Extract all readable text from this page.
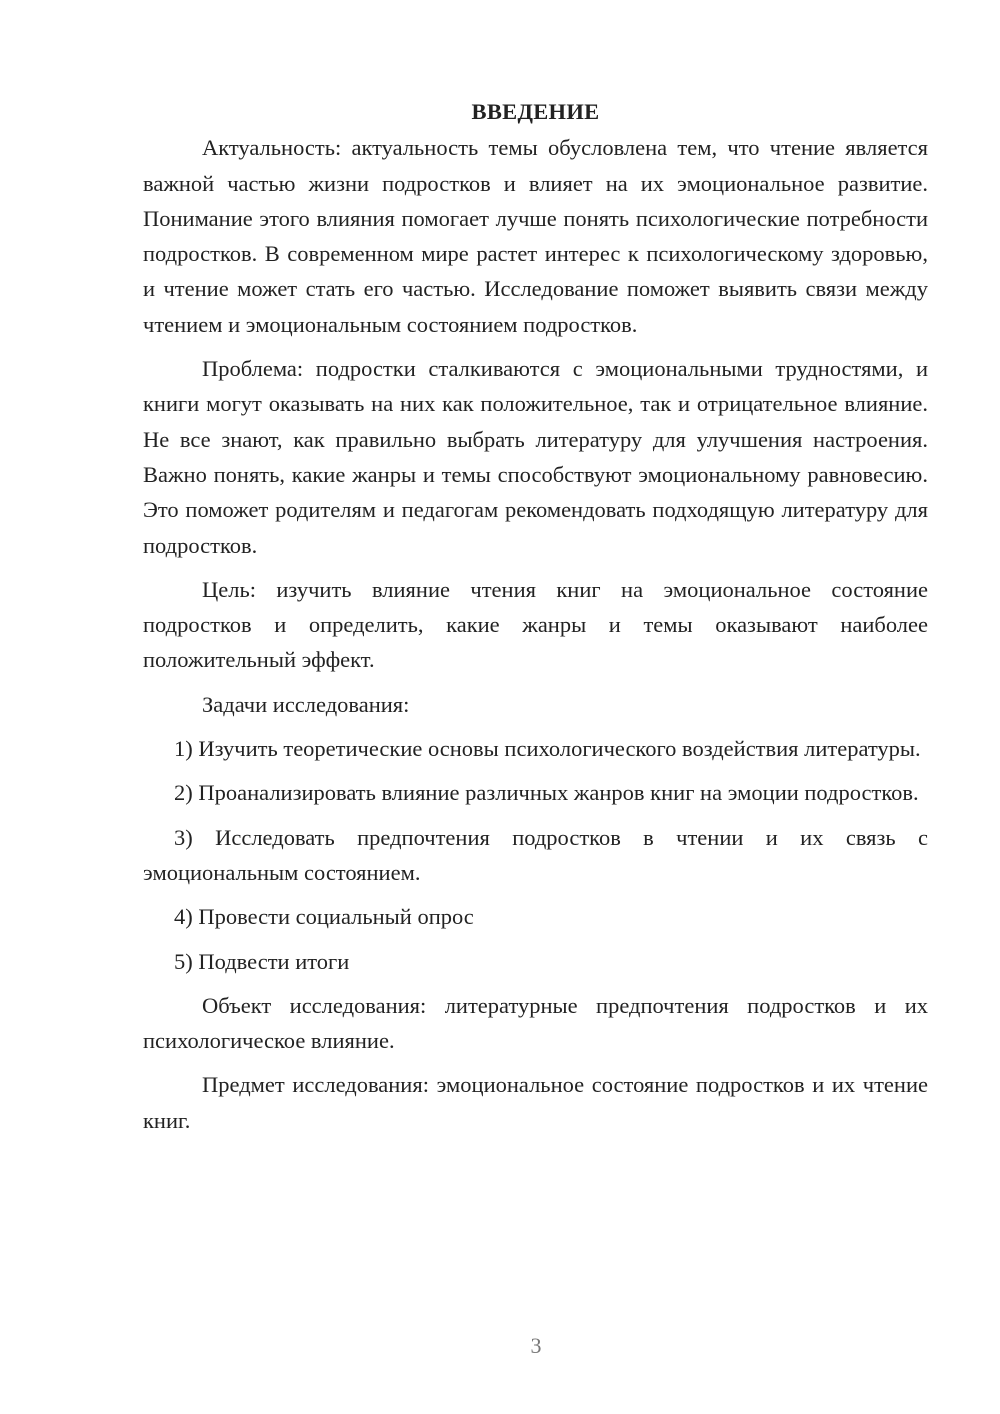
ВВЕДЕНИЕ

Актуальность: актуальность темы обусловлена тем, что чтение является важной частью жизни подростков и влияет на их эмоциональное развитие. Понимание этого влияния помогает лучше понять психологические потребности подростков. В современном мире растет интерес к психологическому здоровью, и чтение может стать его частью. Исследование поможет выявить связи между чтением и эмоциональным состоянием подростков.

Проблема: подростки сталкиваются с эмоциональными трудностями, и книги могут оказывать на них как положительное, так и отрицательное влияние. Не все знают, как правильно выбрать литературу для улучшения настроения. Важно понять, какие жанры и темы способствуют эмоциональному равновесию. Это поможет родителям и педагогам рекомендовать подходящую литературу для подростков.

Цель: изучить влияние чтения книг на эмоциональное состояние подростков и определить, какие жанры и темы оказывают наиболее положительный эффект.

Задачи исследования:

1) Изучить теоретические основы психологического воздействия литературы.

2) Проанализировать влияние различных жанров книг на эмоции подростков.

3) Исследовать предпочтения подростков в чтении и их связь с эмоциональным состоянием.

4) Провести социальный опрос

5) Подвести итоги

Объект исследования: литературные предпочтения подростков и их психологическое влияние.

Предмет исследования: эмоциональное состояние подростков и их чтение книг.

3
